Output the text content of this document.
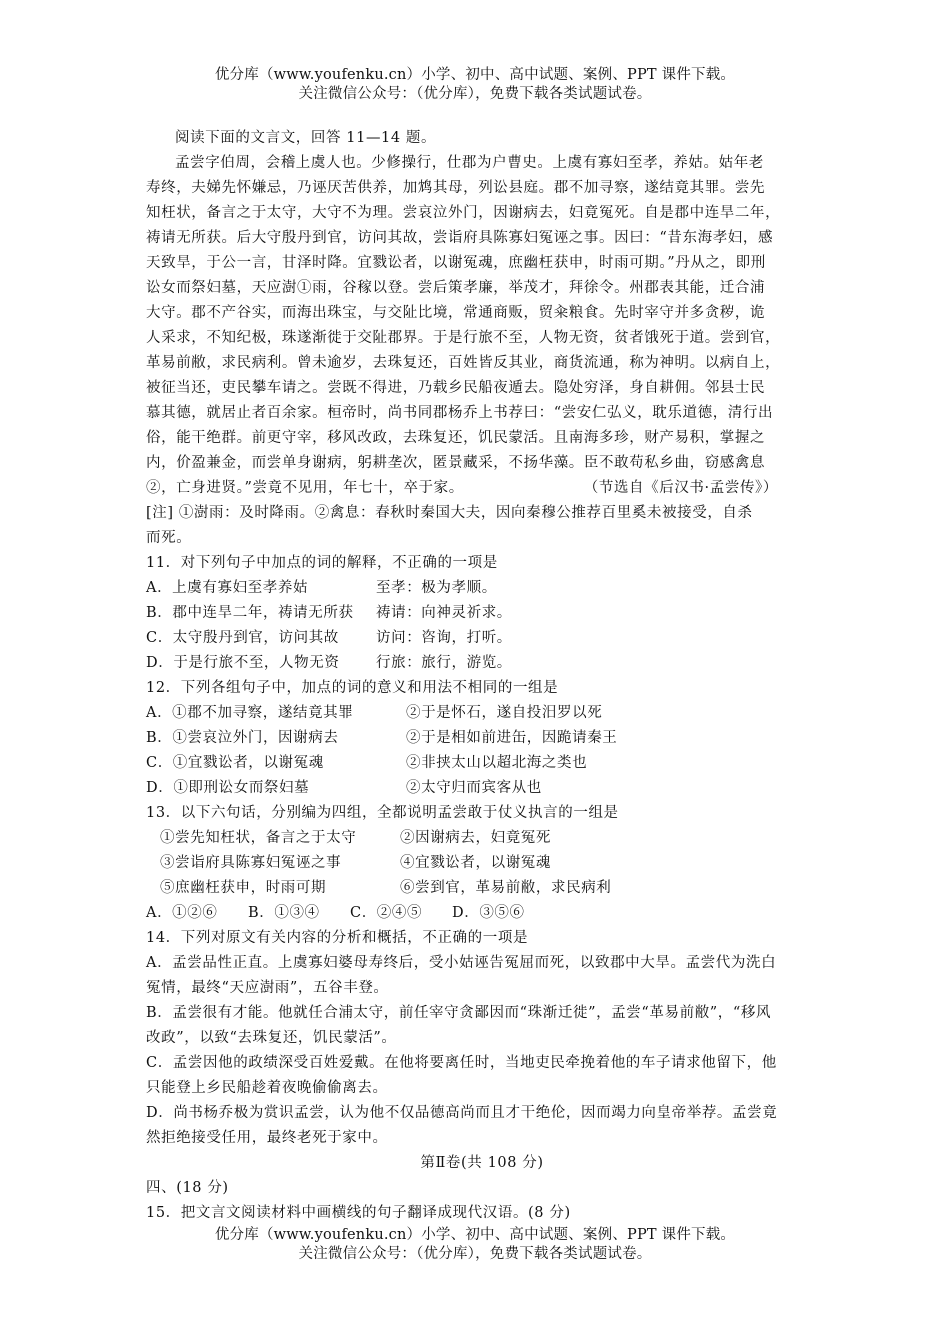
优分库（www.youfenku.cn）小学、初中、高中试题、案例、PPT 课件下载。
关注微信公众号：（优分库），免费下载各类试题试卷。
阅读下面的文言文，回答 11—14 题。
孟尝字伯周，会稽上虞人也。少修操行，仕郡为户曹史。上虞有寡妇至孝，养姑。姑年老
寿终，夫娣先怀嫌忌，乃诬厌苦供养，加鸩其母，列讼县庭。郡不加寻察，遂结竟其罪。尝先
知枉状，备言之于太守，大守不为理。尝哀泣外门，因谢病去，妇竟冤死。自是郡中连旱二年，
祷请无所获。后大守殷丹到官，访问其故，尝诣府具陈寡妇冤诬之事。因曰：“昔东海孝妇，感
天致旱，于公一言，甘泽时降。宜戮讼者，以谢冤魂，庶幽枉获申，时雨可期。”丹从之，即刑
讼女而祭妇墓，天应澍①雨，谷稼以登。尝后策孝廉，举茂才，拜徐令。州郡表其能，迁合浦
大守。郡不产谷实，而海出珠宝，与交阯比境，常通商贩，贸籴粮食。先时宰守并多贪秽，诡
人采求，不知纪极，珠遂渐徙于交阯郡界。于是行旅不至，人物无资，贫者饿死于道。尝到官，
革易前敝，求民病利。曾未逾岁，去珠复还，百姓皆反其业，商货流通，称为神明。以病自上，
被征当还，吏民攀车请之。尝既不得进，乃载乡民船夜遁去。隐处穷泽，身自耕佣。邻县士民
慕其德，就居止者百余家。桓帝时，尚书同郡杨乔上书荐曰：“尝安仁弘义，耽乐道德，清行出
俗，能干绝群。前更守宰，移风改政，去珠复还，饥民蒙活。且南海多珍，财产易积，掌握之
内，价盈兼金，而尝单身谢病，躬耕垄次，匿景藏采，不扬华藻。臣不敢苟私乡曲，窃感禽息
②，亡身进贤。”尝竟不见用，年七十，卒于家。	（节选自《后汉书·孟尝传》）
[注] ①澍雨：及时降雨。②禽息：春秋时秦国大夫，因向秦穆公推荐百里奚未被接受，自杀
而死。
11．对下列句子中加点的词的解释，不正确的一项是
A．上虞有寡妇至孝养姑	至孝：极为孝顺。
B．郡中连旱二年，祷请无所获 祷请：向神灵祈求。
C．太守殷丹到官，访问其故	访问：咨询，打听。
D．于是行旅不至，人物无资	行旅：旅行，游览。
12．下列各组句子中，加点的词的意义和用法不相同的一组是
A．①郡不加寻察，遂结竟其罪	②于是怀石，遂自投汨罗以死
B．①尝哀泣外门，因谢病去	②于是相如前进缶，因跪请秦王
C．①宜戮讼者，以谢冤魂	②非挟太山以超北海之类也
D．①即刑讼女而祭妇墓	②太守归而宾客从也
13．以下六句话，分别编为四组，全都说明孟尝敢于仗义执言的一组是
①尝先知枉状，备言之于太守	②因谢病去，妇竟冤死
③尝诣府具陈寡妇冤诬之事	④宜戮讼者，以谢冤魂
⑤庶幽枉获申，时雨可期	⑥尝到官，革易前敝，求民病利
A．①②⑥ B．①③④ C．②④⑤ D．③⑤⑥
14．下列对原文有关内容的分析和概括，不正确的一项是
A．孟尝品性正直。上虞寡妇婆母寿终后，受小姑诬告冤屈而死，以致郡中大旱。孟尝代为洗白
冤情，最终“天应澍雨”，五谷丰登。
B．孟尝很有才能。他就任合浦太守，前任宰守贪鄙因而“珠渐迁徙”，孟尝“革易前敝”，“移风
改政”，以致“去珠复还，饥民蒙活”。
C．孟尝因他的政绩深受百姓爱戴。在他将要离任时，当地吏民牵挽着他的车子请求他留下，他
只能登上乡民船趁着夜晚偷偷离去。
D．尚书杨乔极为赏识孟尝，认为他不仅品德高尚而且才干绝伦，因而竭力向皇帝举荐。孟尝竟
然拒绝接受任用，最终老死于家中。
第Ⅱ卷(共 108 分)
四、(18 分)
15．把文言文阅读材料中画横线的句子翻译成现代汉语。(8 分)
优分库（www.youfenku.cn）小学、初中、高中试题、案例、PPT 课件下载。
关注微信公众号：（优分库），免费下载各类试题试卷。
